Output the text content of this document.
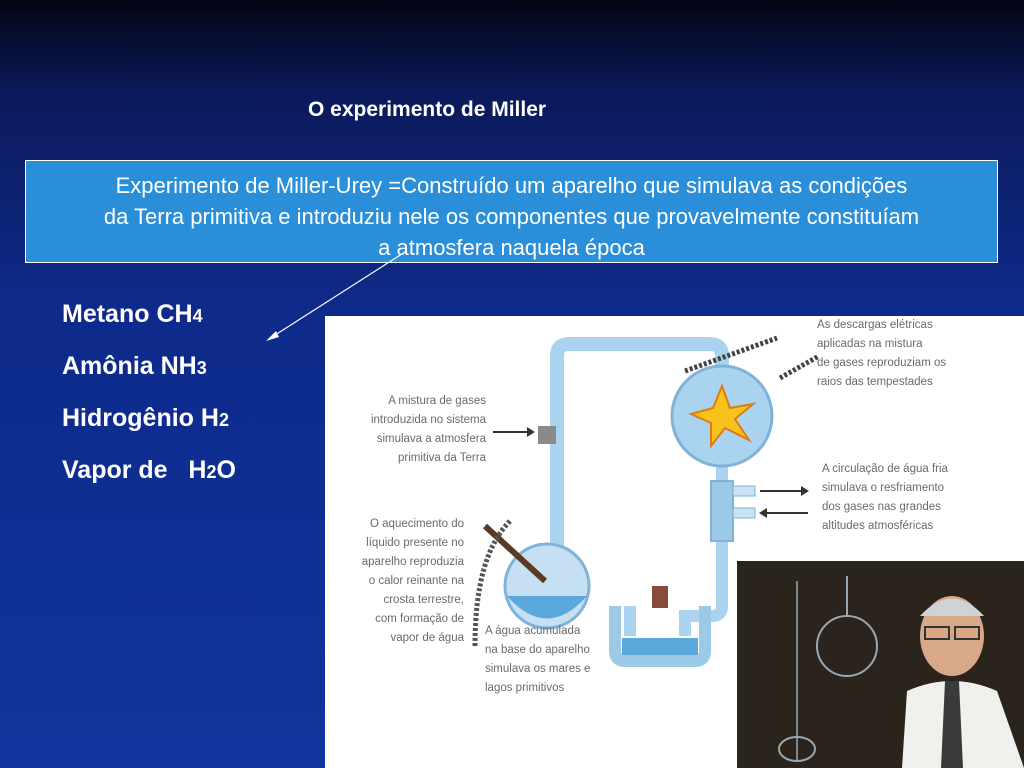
O experimento de Miller
Experimento de Miller-Urey =Construído um aparelho que simulava as condições
da Terra primitiva e introduziu nele os componentes que provavelmente constituíam
a atmosfera naquela época
Metano CH4
Amônia NH3
Hidrogênio H2
Vapor de   H2O
As descargas elétricas
aplicadas na mistura
de gases reproduziam os
raios das tempestades
A mistura de gases
introduzida no sistema
simulava a atmosfera
primitiva da Terra
A circulação de água fria
simulava o resfriamento
dos gases nas grandes
altitudes atmosféricas
O aquecimento do
líquido presente no
aparelho reproduzia
o calor reinante na
crosta terrestre,
com formação de
vapor de água
A água acumulada
na base do aparelho
simulava os mares e
lagos primitivos
